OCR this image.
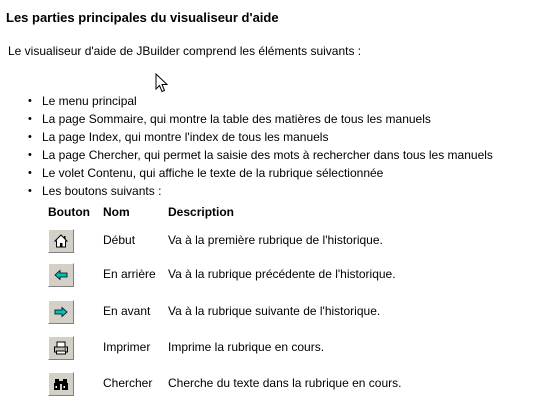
Les parties principales du visualiseur d'aide
Le visualiseur d'aide de JBuilder comprend les éléments suivants :
• Le menu principal
• La page Sommaire, qui montre la table des matières de tous les manuels
• La page Index, qui montre l'index de tous les manuels
• La page Chercher, qui permet la saisie des mots à rechercher dans tous les manuels
• Le volet Contenu, qui affiche le texte de la rubrique sélectionnée
• Les boutons suivants :
Bouton Nom	Description
Début	Va à la première rubrique de l'historique.
En arrière Va à la rubrique précédente de l'historique.
En avant Va à la rubrique suivante de l'historique.
Imprimer Imprime la rubrique en cours.
Chercher Cherche du texte dans la rubrique en cours.
